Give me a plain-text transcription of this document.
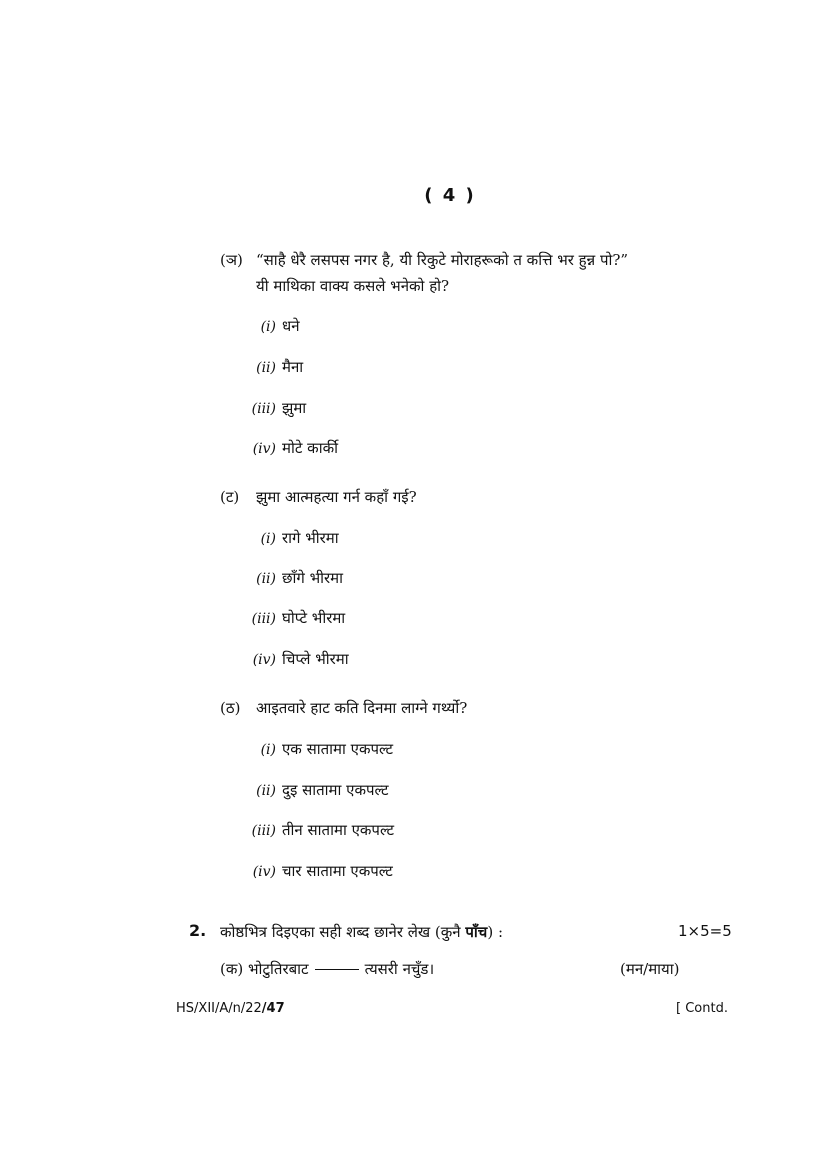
( 4 )
(ञ) “साहै धेरै लसपस नगर है, यी रिकुटे मोराहरूको त कत्ति भर हुन्न पो?”
यी माथिका वाक्य कसले भनेको हो?
(i) धने
(ii) मैना
(iii) झुमा
(iv) मोटे कार्की
(ट) झुमा आत्महत्या गर्न कहाँ गई?
(i) रागे भीरमा
(ii) छाँगे भीरमा
(iii) घोप्टे भीरमा
(iv) चिप्ले भीरमा
(ठ) आइतवारे हाट कति दिनमा लाग्ने गर्थ्यो?
(i) एक सातामा एकपल्ट
(ii) दुइ सातामा एकपल्ट
(iii) तीन सातामा एकपल्ट
(iv) चार सातामा एकपल्ट
2. कोष्ठभित्र दिइएका सही शब्द छानेर लेख (कुनै पाँच) :	1×5=5
(क) भोटुतिरबाट	त्यसरी नचुँड।	(मन/माया)
HS/XII/A/n/22/47	[ Contd.
